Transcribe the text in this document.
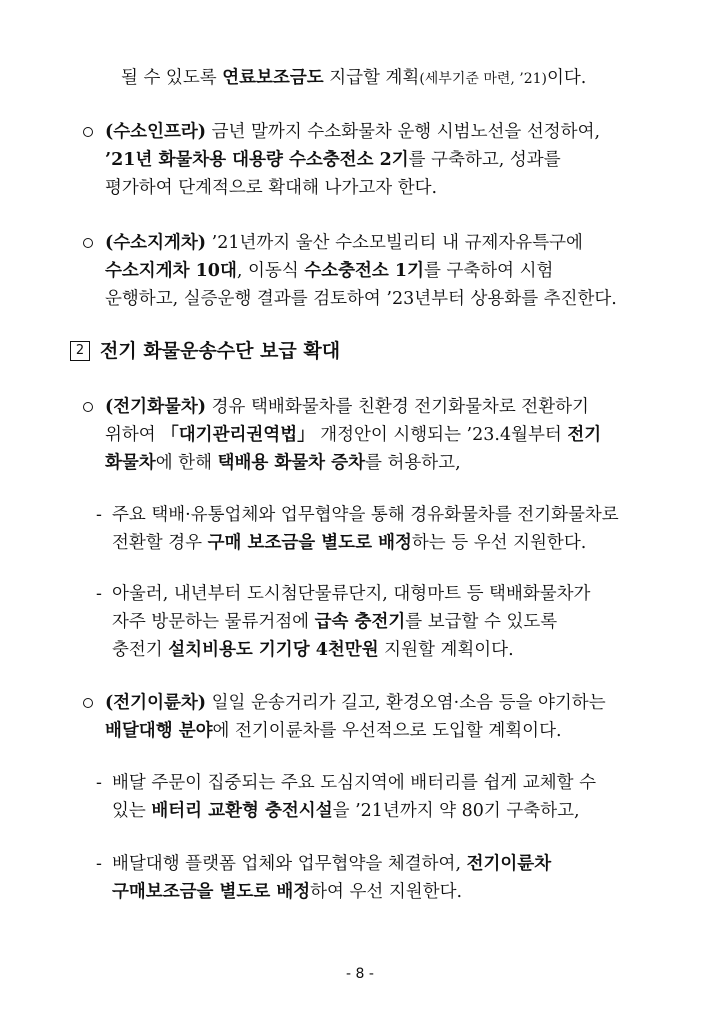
될 수 있도록 연료보조금도 지급할 계획(세부기준 마련, ’21)이다.
(수소인프라) 금년 말까지 수소화물차 운행 시범노선을 선정하여,
’21년 화물차용 대용량 수소충전소 2기를 구축하고, 성과를
평가하여 단계적으로 확대해 나가고자 한다.
(수소지게차) ’21년까지 울산 수소모빌리티 내 규제자유특구에
수소지게차 10대, 이동식 수소충전소 1기를 구축하여 시험
운행하고, 실증운행 결과를 검토하여 ’23년부터 상용화를 추진한다.
2 전기 화물운송수단 보급 확대
(전기화물차) 경유 택배화물차를 친환경 전기화물차로 전환하기
위하여 「대기관리권역법」 개정안이 시행되는 ’23.4월부터 전기
화물차에 한해 택배용 화물차 증차를 허용하고,
- 주요 택배·유통업체와 업무협약을 통해 경유화물차를 전기화물차로
전환할 경우 구매 보조금을 별도로 배정하는 등 우선 지원한다.
- 아울러, 내년부터 도시첨단물류단지, 대형마트 등 택배화물차가
자주 방문하는 물류거점에 급속 충전기를 보급할 수 있도록
충전기 설치비용도 기기당 4천만원 지원할 계획이다.
(전기이륜차) 일일 운송거리가 길고, 환경오염·소음 등을 야기하는
배달대행 분야에 전기이륜차를 우선적으로 도입할 계획이다.
- 배달 주문이 집중되는 주요 도심지역에 배터리를 쉽게 교체할 수
있는 배터리 교환형 충전시설을 ’21년까지 약 80기 구축하고,
- 배달대행 플랫폼 업체와 업무협약을 체결하여, 전기이륜차
구매보조금을 별도로 배정하여 우선 지원한다.
- 8 -
